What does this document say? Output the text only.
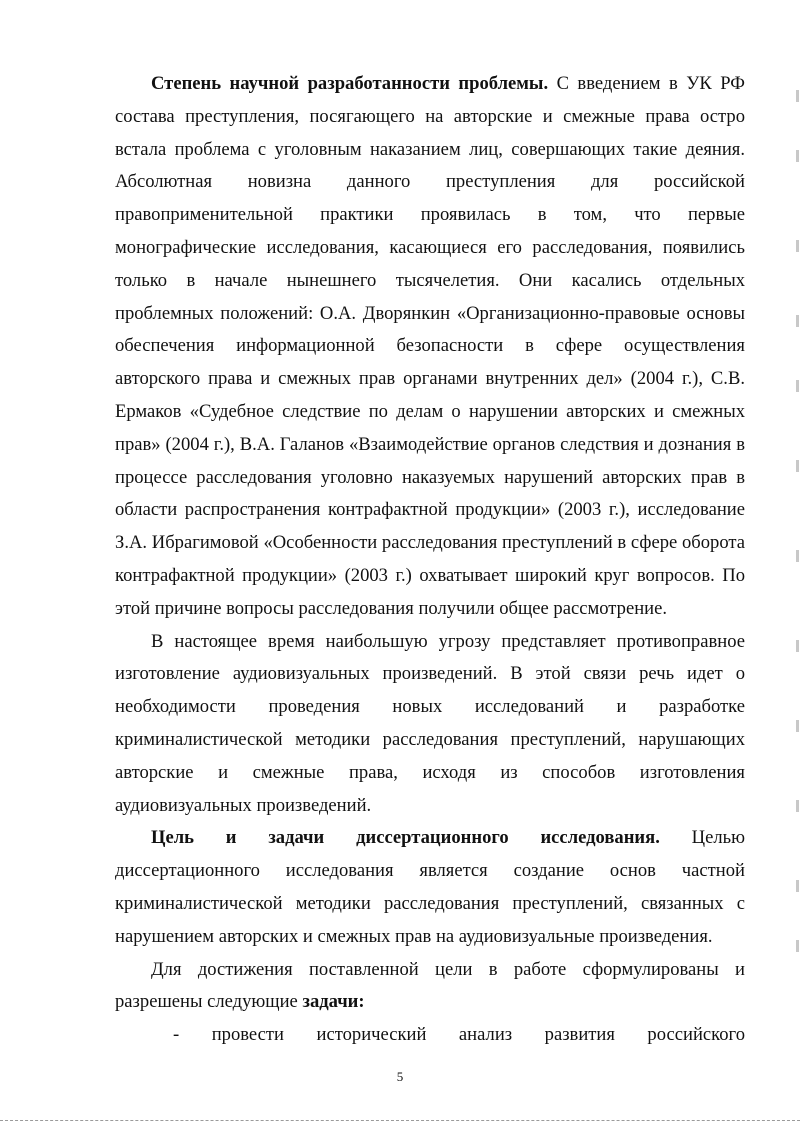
Степень научной разработанности проблемы. С введением в УК РФ состава преступления, посягающего на авторские и смежные права остро встала проблема с уголовным наказанием лиц, совершающих такие деяния. Абсолютная новизна данного преступления для российской правоприменительной практики проявилась в том, что первые монографические исследования, касающиеся его расследования, появились только в начале нынешнего тысячелетия. Они касались отдельных проблемных положений: О.А. Дворянкин «Организационно-правовые основы обеспечения информационной безопасности в сфере осуществления авторского права и смежных прав органами внутренних дел» (2004 г.), С.В. Ермаков «Судебное следствие по делам о нарушении авторских и смежных прав» (2004 г.), В.А. Галанов «Взаимодействие органов следствия и дознания в процессе расследования уголовно наказуемых нарушений авторских прав в области распространения контрафактной продукции» (2003 г.), исследование З.А. Ибрагимовой «Особенности расследования преступлений в сфере оборота контрафактной продукции» (2003 г.) охватывает широкий круг вопросов. По этой причине вопросы расследования получили общее рассмотрение.

В настоящее время наибольшую угрозу представляет противоправное изготовление аудиовизуальных произведений. В этой связи речь идет о необходимости проведения новых исследований и разработке криминалистической методики расследования преступлений, нарушающих авторские и смежные права, исходя из способов изготовления аудиовизуальных произведений.

Цель и задачи диссертационного исследования. Целью диссертационного исследования является создание основ частной криминалистической методики расследования преступлений, связанных с нарушением авторских и смежных прав на аудиовизуальные произведения.

Для достижения поставленной цели в работе сформулированы и разрешены следующие задачи:

- провести исторический анализ развития российского

5
